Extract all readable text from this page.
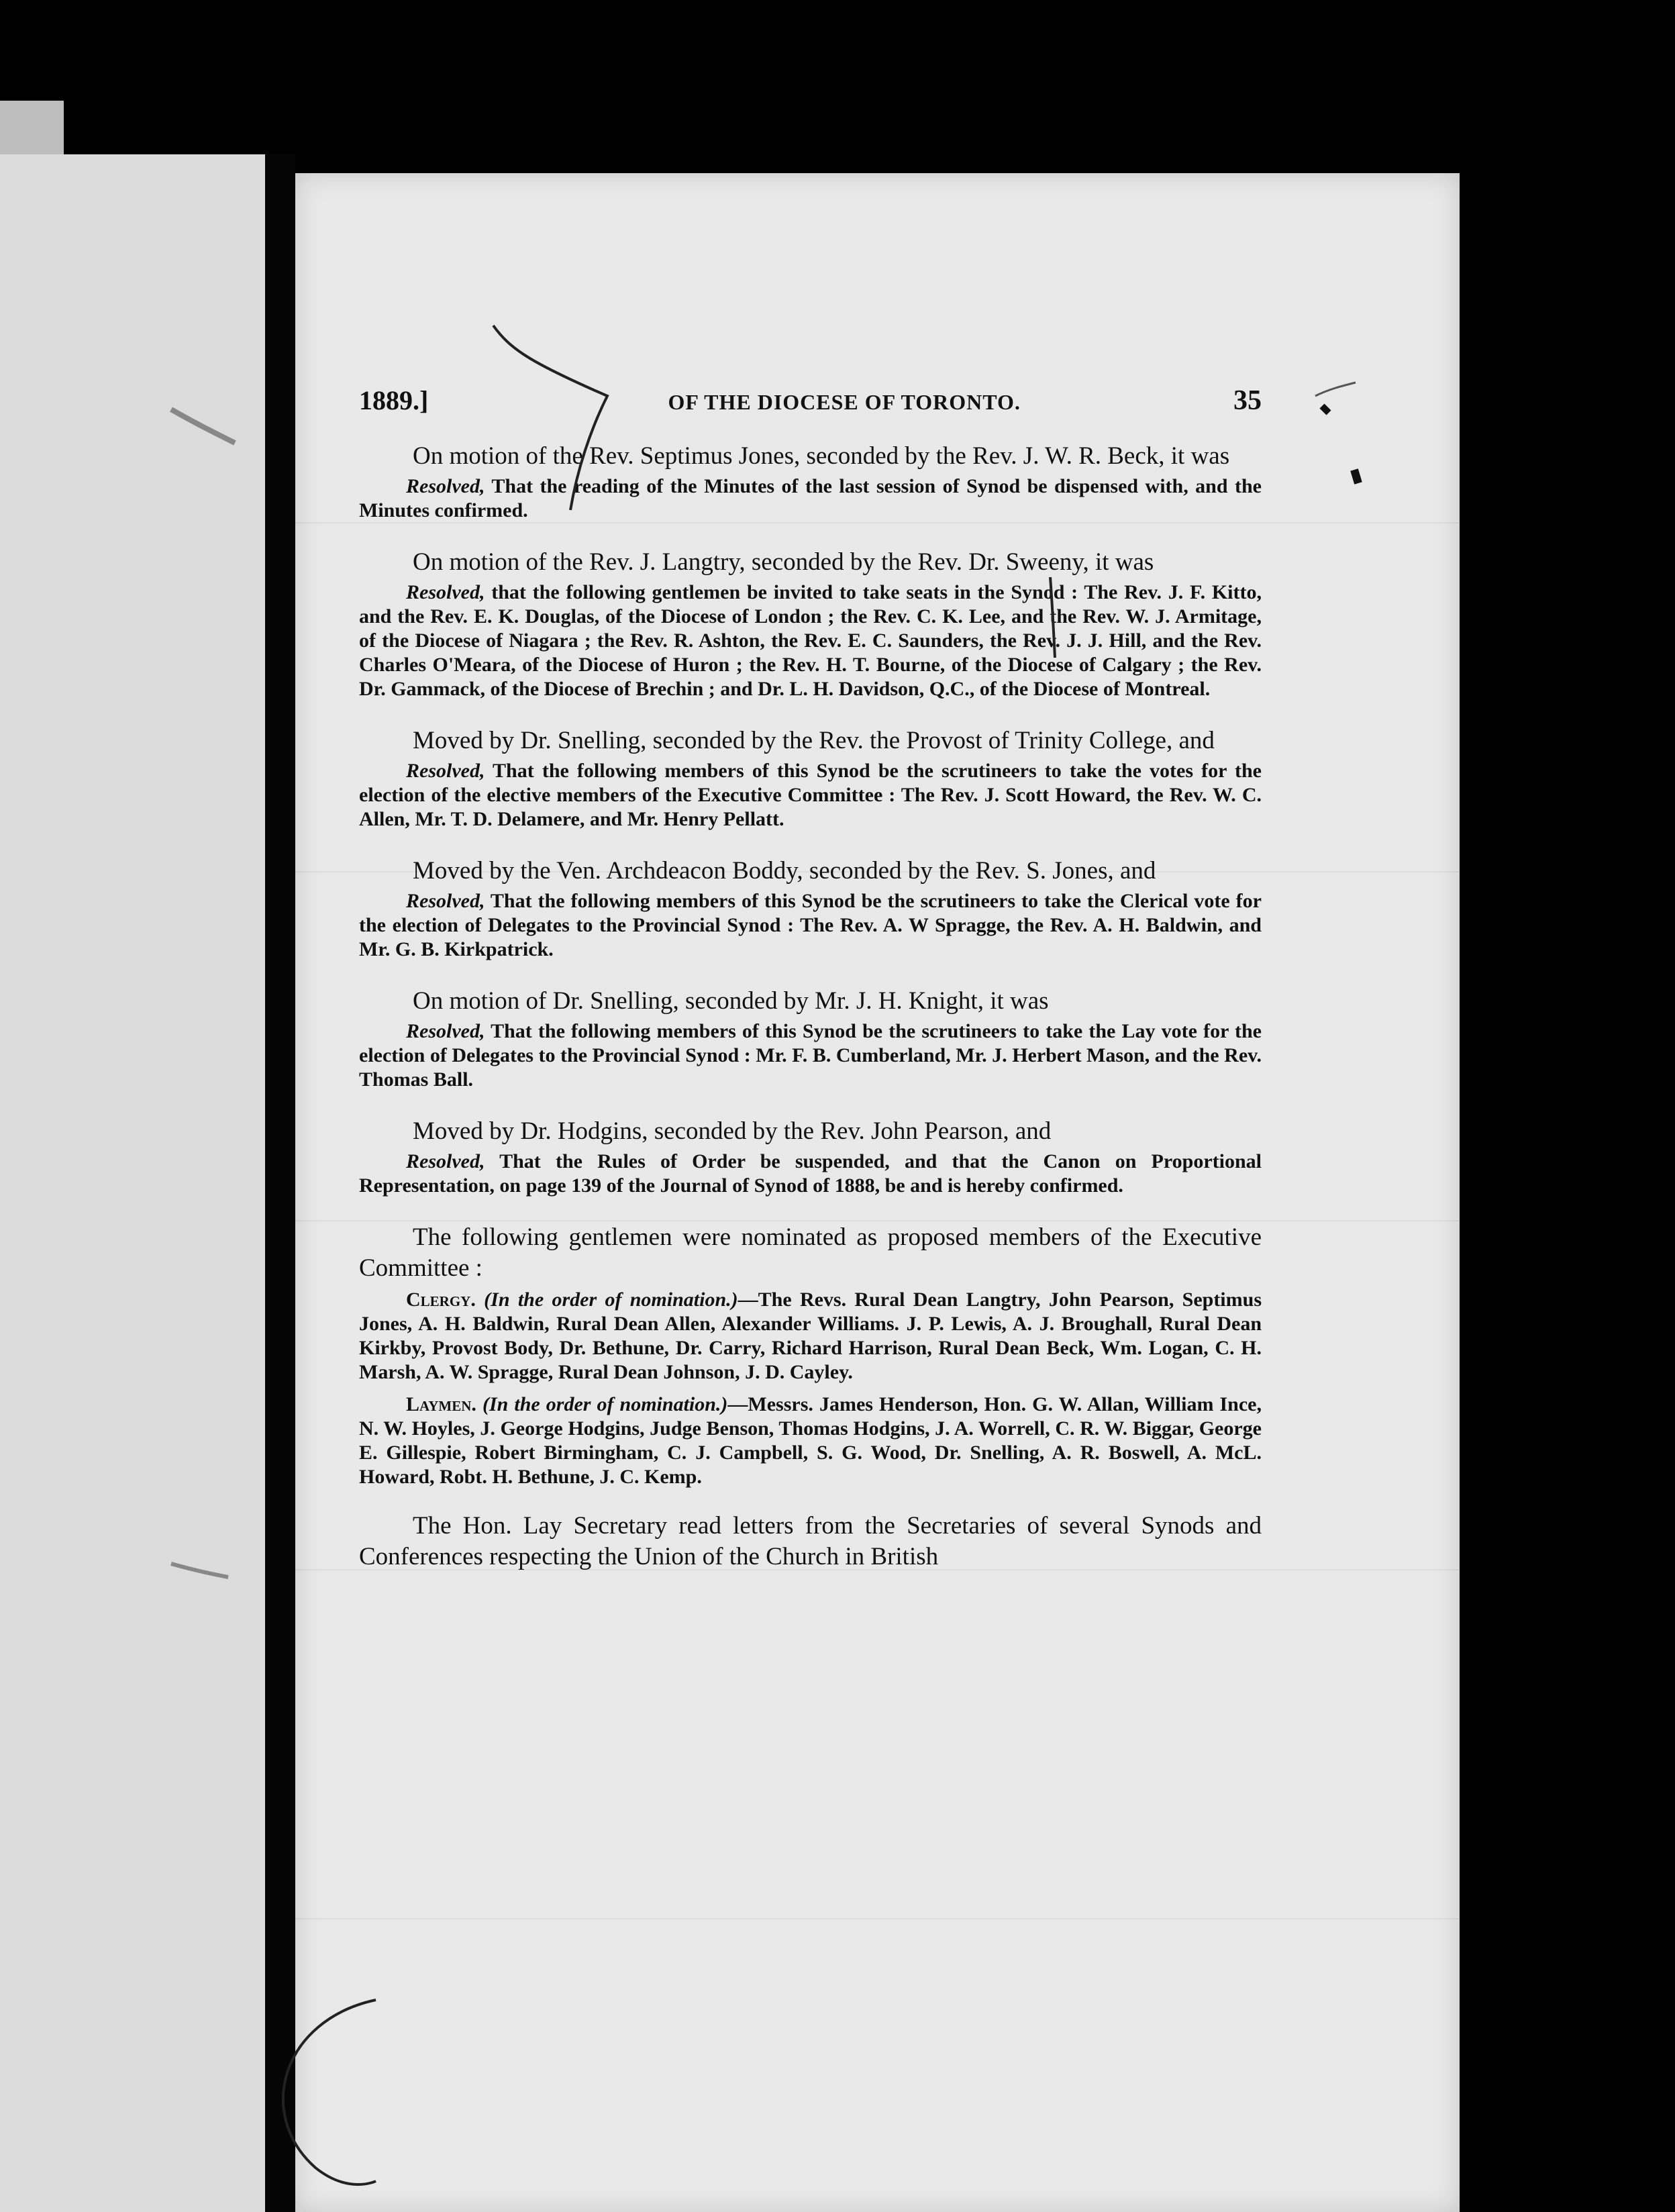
1889.]	OF THE DIOCESE OF TORONTO.	35

On motion of the Rev. Septimus Jones, seconded by the Rev. J. W. R. Beck, it was

Resolved, That the reading of the Minutes of the last session of Synod be dispensed with, and the Minutes confirmed.

On motion of the Rev. J. Langtry, seconded by the Rev. Dr. Sweeny, it was

Resolved, that the following gentlemen be invited to take seats in the Synod : The Rev. J. F. Kitto, and the Rev. E. K. Douglas, of the Diocese of London ; the Rev. C. K. Lee, and the Rev. W. J. Armitage, of the Diocese of Niagara ; the Rev. R. Ashton, the Rev. E. C. Saunders, the Rev. J. J. Hill, and the Rev. Charles O'Meara, of the Diocese of Huron ; the Rev. H. T. Bourne, of the Diocese of Calgary ; the Rev. Dr. Gammack, of the Diocese of Brechin ; and Dr. L. H. Davidson, Q.C., of the Diocese of Montreal.

Moved by Dr. Snelling, seconded by the Rev. the Provost of Trinity College, and

Resolved, That the following members of this Synod be the scrutineers to take the votes for the election of the elective members of the Executive Committee : The Rev. J. Scott Howard, the Rev. W. C. Allen, Mr. T. D. Delamere, and Mr. Henry Pellatt.

Moved by the Ven. Archdeacon Boddy, seconded by the Rev. S. Jones, and

Resolved, That the following members of this Synod be the scrutineers to take the Clerical vote for the election of Delegates to the Provincial Synod : The Rev. A. W Spragge, the Rev. A. H. Baldwin, and Mr. G. B. Kirkpatrick.

On motion of Dr. Snelling, seconded by Mr. J. H. Knight, it was

Resolved, That the following members of this Synod be the scrutineers to take the Lay vote for the election of Delegates to the Provincial Synod : Mr. F. B. Cumberland, Mr. J. Herbert Mason, and the Rev. Thomas Ball.

Moved by Dr. Hodgins, seconded by the Rev. John Pearson, and

Resolved, That the Rules of Order be suspended, and that the Canon on Proportional Representation, on page 139 of the Journal of Synod of 1888, be and is hereby confirmed.

The following gentlemen were nominated as proposed members of the Executive Committee :

Clergy. (In the order of nomination.)—The Revs. Rural Dean Langtry, John Pearson, Septimus Jones, A. H. Baldwin, Rural Dean Allen, Alexander Williams. J. P. Lewis, A. J. Broughall, Rural Dean Kirkby, Provost Body, Dr. Bethune, Dr. Carry, Richard Harrison, Rural Dean Beck, Wm. Logan, C. H. Marsh, A. W. Spragge, Rural Dean Johnson, J. D. Cayley.

Laymen. (In the order of nomination.)—Messrs. James Henderson, Hon. G. W. Allan, William Ince, N. W. Hoyles, J. George Hodgins, Judge Benson, Thomas Hodgins, J. A. Worrell, C. R. W. Biggar, George E. Gillespie, Robert Birmingham, C. J. Campbell, S. G. Wood, Dr. Snelling, A. R. Boswell, A. McL. Howard, Robt. H. Bethune, J. C. Kemp.

The Hon. Lay Secretary read letters from the Secretaries of several Synods and Conferences respecting the Union of the Church in British
